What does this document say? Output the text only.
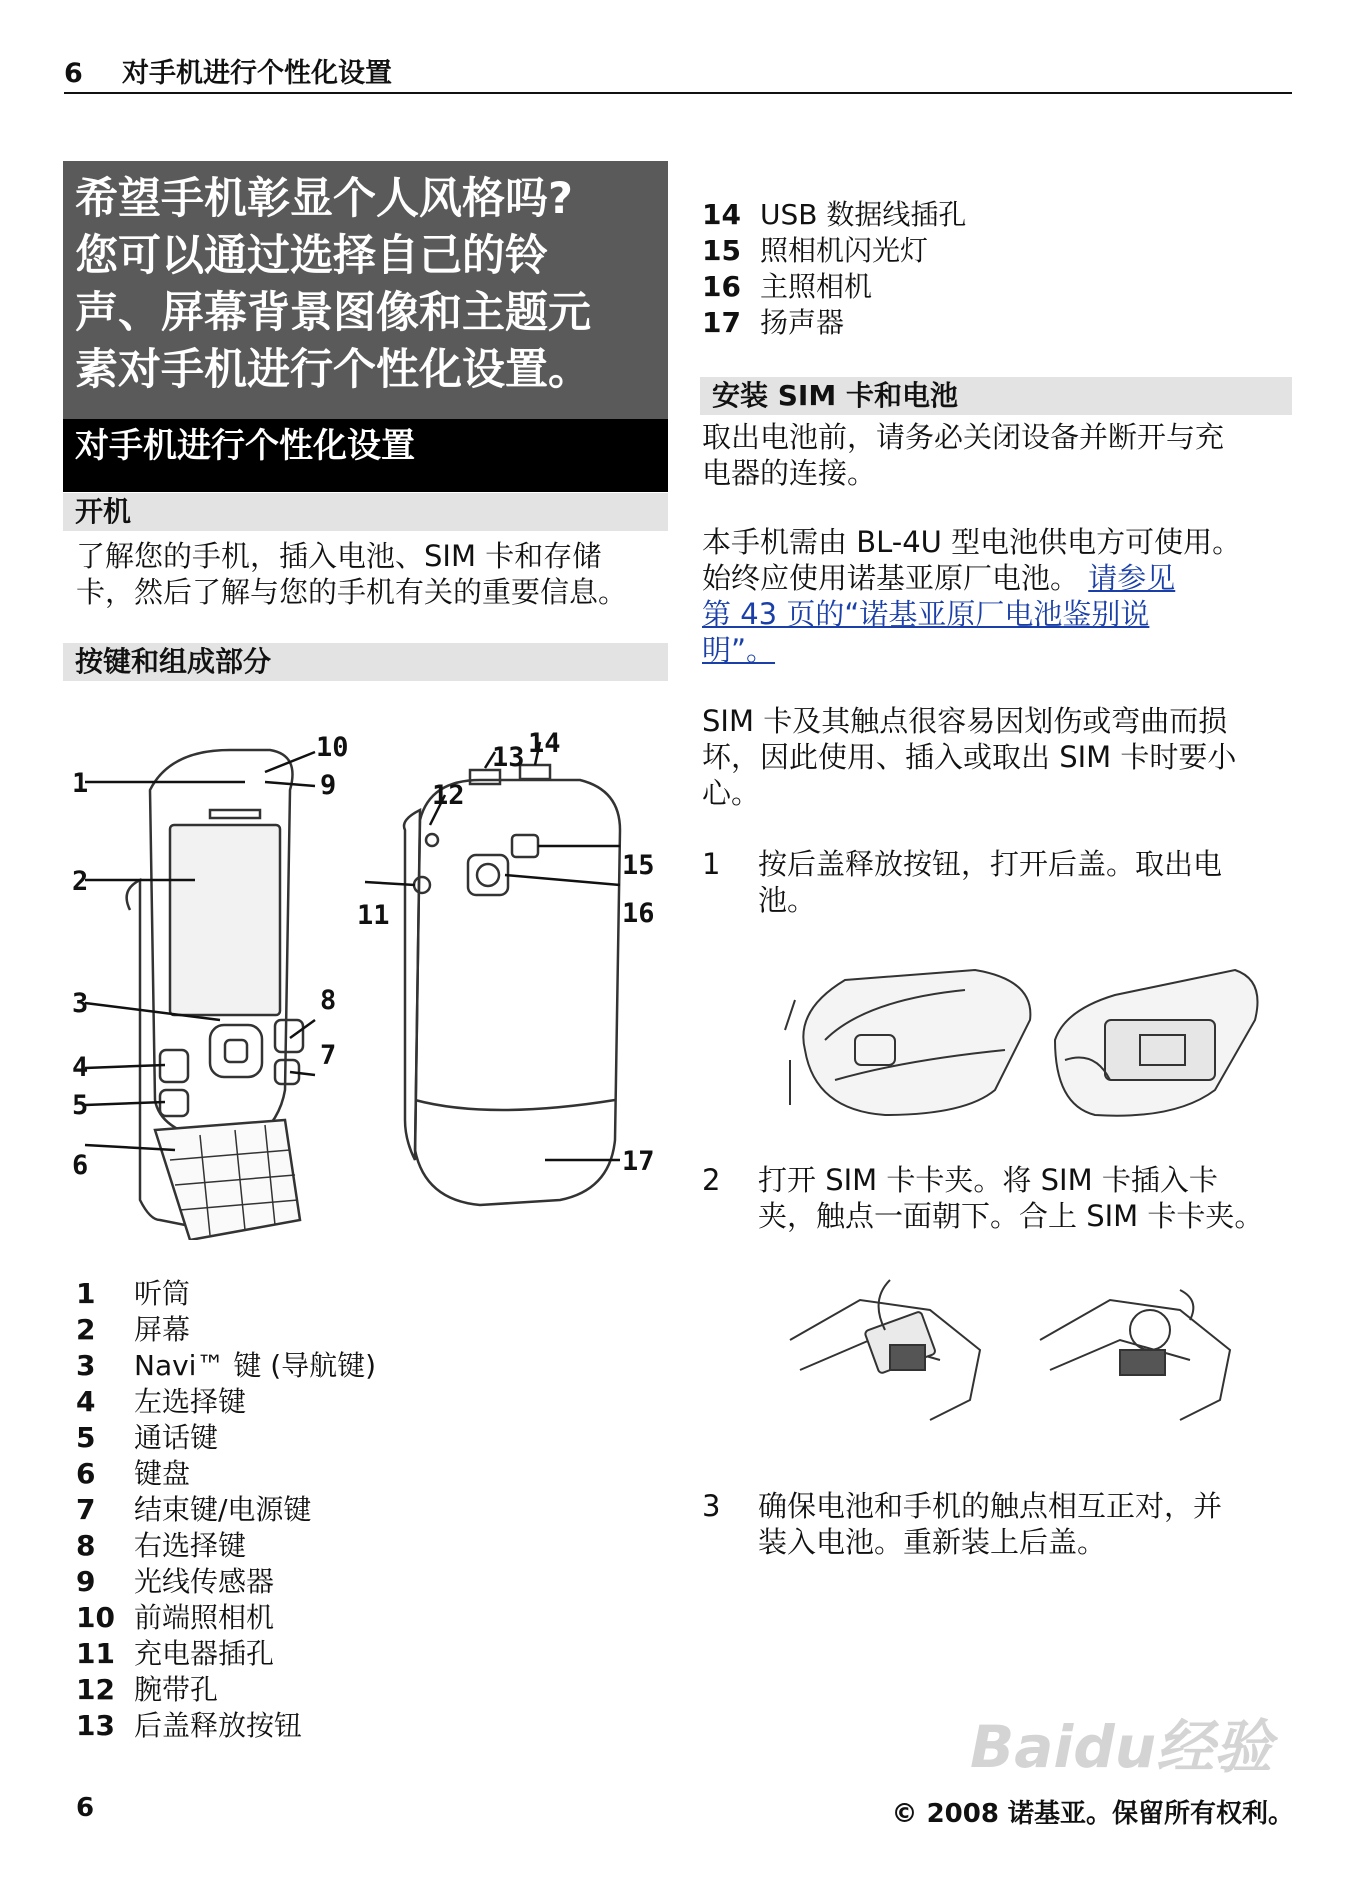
6 对手机进行个性化设置
希望手机彰显个人风格吗?
您可以通过选择自己的铃
声、屏幕背景图像和主题元
素对手机进行个性化设置。
对手机进行个性化设置
开机
了解您的手机，插入电池、SIM 卡和存储
卡，然后了解与您的手机有关的重要信息。
按键和组成部分
1
2
3
4
5
6
7
8
9
10
11
12
13 14
15
16
17
1	听筒
2	屏幕
3	Navi™ 键 (导航键)
4	左选择键
5	通话键
6	键盘
7	结束键/电源键
8	右选择键
9	光线传感器
10 前端照相机
11 充电器插孔
12 腕带孔
13 后盖释放按钮
14 USB 数据线插孔
15 照相机闪光灯
16 主照相机
17 扬声器
安装 SIM 卡和电池
取出电池前，请务必关闭设备并断开与充
电器的连接。
本手机需由 BL-4U 型电池供电方可使用。
始终应使用诺基亚原厂电池。 请参见
第 43 页的“诺基亚原厂电池鉴别说
明”。
SIM 卡及其触点很容易因划伤或弯曲而损
坏，因此使用、插入或取出 SIM 卡时要小
心。
1	按后盖释放按钮，打开后盖。取出电
池。
2	打开 SIM 卡卡夹。将 SIM 卡插入卡
夹，触点一面朝下。合上 SIM 卡卡夹。
3	确保电池和手机的触点相互正对，并
装入电池。重新装上后盖。
Baidu经验
6	© 2008 诺基亚。保留所有权利。
